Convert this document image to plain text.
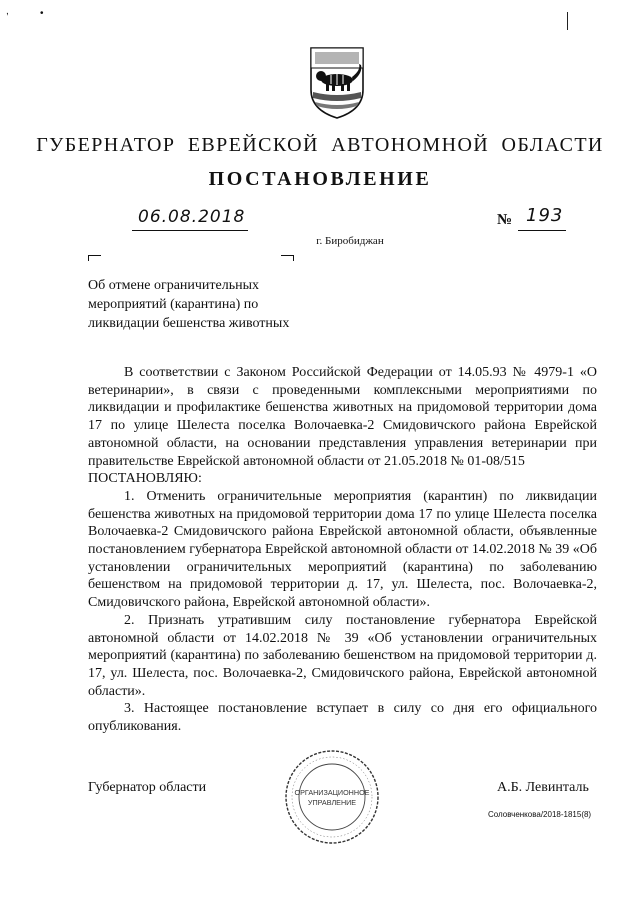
,	•
ГУБЕРНАТОР ЕВРЕЙСКОЙ АВТОНОМНОЙ ОБЛАСТИ
ПОСТАНОВЛЕНИЕ
06.08.2018	№ 193
г. Биробиджан
Об отмене ограничительных
мероприятий (карантина) по
ликвидации бешенства животных
В соответствии с Законом Российской Федерации от 14.05.93 № 4979-1 «О ветеринарии», в связи с проведенными комплексными мероприятиями по ликвидации и профилактике бешенства животных на придомовой территории дома 17 по улице Шелеста поселка Волочаевка-2 Смидовичского района Еврейской автономной области, на основании представления управления ветеринарии при правительстве Еврейской автономной области от 21.05.2018 № 01-08/515
ПОСТАНОВЛЯЮ:
1. Отменить ограничительные мероприятия (карантин) по ликвидации бешенства животных на придомовой территории дома 17 по улице Шелеста поселка Волочаевка-2 Смидовичского района Еврейской автономной области, объявленные постановлением губернатора Еврейской автономной области от 14.02.2018 № 39 «Об установлении ограничительных мероприятий (карантина) по заболеванию бешенством на придомовой территории д. 17, ул. Шелеста, пос. Волочаевка-2, Смидовичского района, Еврейской автономной области».
2. Признать утратившим силу постановление губернатора Еврейской автономной области от 14.02.2018 № 39 «Об установлении ограничительных мероприятий (карантина) по заболеванию бешенством на придомовой территории д. 17, ул. Шелеста, пос. Волочаевка-2, Смидовичского района, Еврейской автономной области».
3. Настоящее постановление вступает в силу со дня его официального опубликования.
Губернатор области	А.Б. Левинталь
ОРГАНИЗАЦИОННОЕ
УПРАВЛЕНИЕ
Соловченкова/2018-1815(8)
